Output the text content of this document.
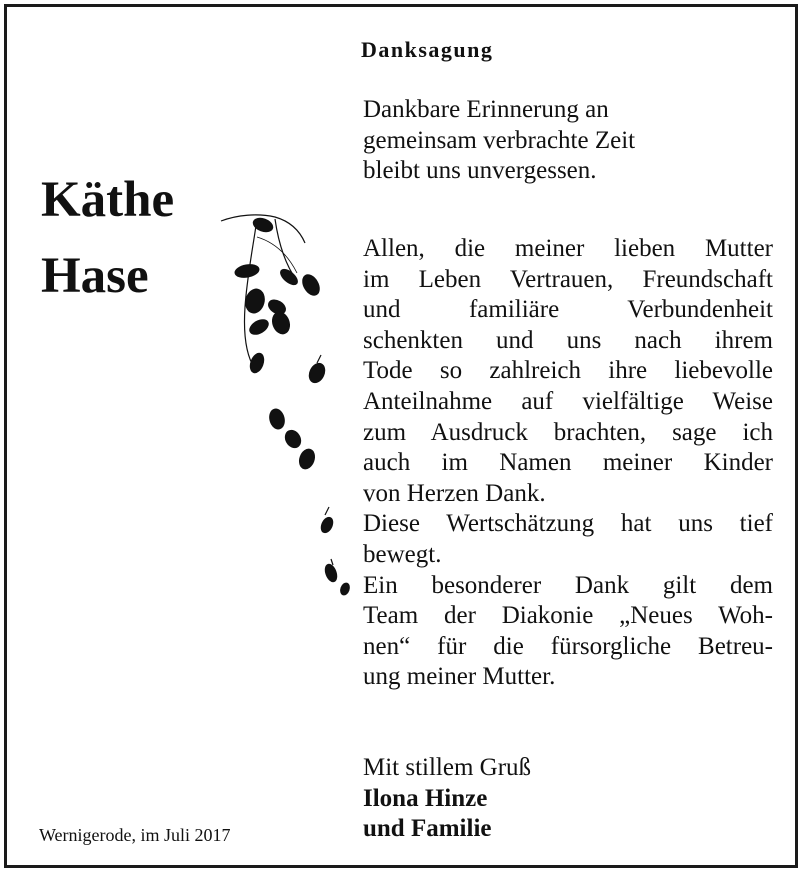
Danksagung
Käthe
Hase
Dankbare Erinnerung an
gemeinsam verbrachte Zeit
bleibt uns unvergessen.
Allen, die meiner lieben Mutter
im Leben Vertrauen, Freundschaft
und familiäre Verbundenheit
schenkten und uns nach ihrem
Tode so zahlreich ihre liebevolle
Anteilnahme auf vielfältige Weise
zum Ausdruck brachten, sage ich
auch im Namen meiner Kinder
von Herzen Dank.
Diese Wertschätzung hat uns tief
bewegt.
Ein besonderer Dank gilt dem
Team der Diakonie „Neues Woh-
nen“ für die fürsorgliche Betreu-
ung meiner Mutter.
Mit stillem Gruß
Ilona Hinze
und Familie
Wernigerode, im Juli 2017
